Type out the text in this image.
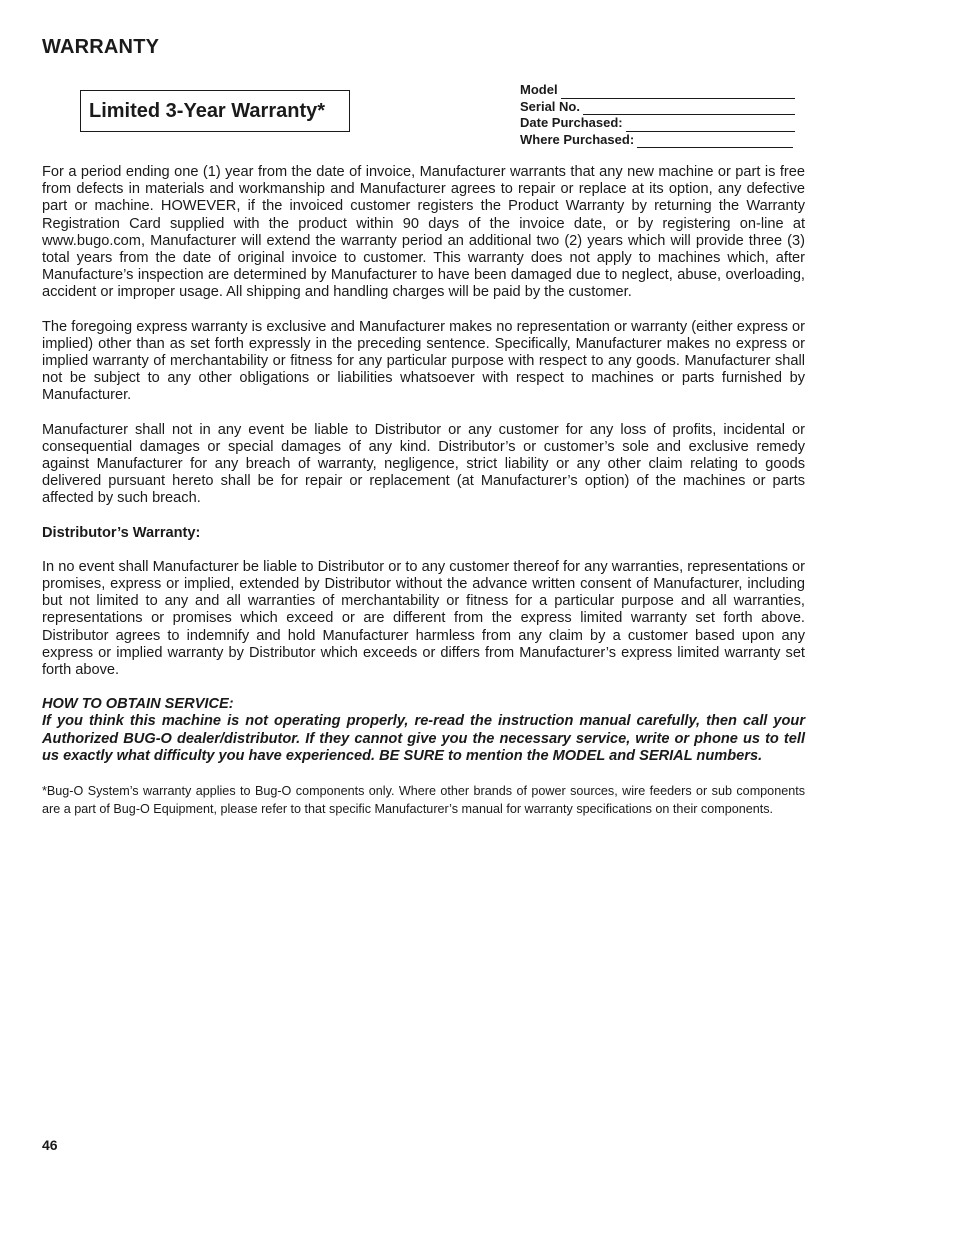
WARRANTY
Limited 3-Year Warranty*
Model
Serial No.
Date Purchased:
Where Purchased:

For a period ending one (1) year from the date of invoice, Manufacturer warrants that any new machine or part is free from defects in materials and workmanship and Manufacturer agrees to repair or replace at its option, any defective part or machine. HOWEVER, if the invoiced customer registers the Product Warranty by returning the Warranty Registration Card supplied with the product within 90 days of the invoice date, or by registering on-line at www.bugo.com, Manufacturer will extend the warranty period an additional two (2) years which will provide three (3) total years from the date of original invoice to customer. This warranty does not apply to machines which, after Manufacture’s inspection are determined by Manufacturer to have been damaged due to neglect, abuse, overloading, accident or improper usage. All shipping and handling charges will be paid by the customer.

The foregoing express warranty is exclusive and Manufacturer makes no representation or warranty (either express or implied) other than as set forth expressly in the preceding sentence. Specifically, Manufacturer makes no express or implied warranty of merchantability or fitness for any particular purpose with respect to any goods. Manufacturer shall not be subject to any other obligations or liabilities whatsoever with respect to machines or parts furnished by Manufacturer.

Manufacturer shall not in any event be liable to Distributor or any customer for any loss of profits, incidental or consequential damages or special damages of any kind. Distributor’s or customer’s sole and exclusive remedy against Manufacturer for any breach of warranty, negligence, strict liability or any other claim relating to goods delivered pursuant hereto shall be for repair or replacement (at Manufacturer’s option) of the machines or parts affected by such breach.

Distributor’s Warranty:

In no event shall Manufacturer be liable to Distributor or to any customer thereof for any warranties, representations or promises, express or implied, extended by Distributor without the advance written consent of Manufacturer, including but not limited to any and all warranties of merchantability or fitness for a particular purpose and all warranties, representations or promises which exceed or are different from the express limited warranty set forth above. Distributor agrees to indemnify and hold Manufacturer harmless from any claim by a customer based upon any express or implied warranty by Distributor which exceeds or differs from Manufacturer’s express limited warranty set forth above.

HOW TO OBTAIN SERVICE:

If you think this machine is not operating properly, re-read the instruction manual carefully, then call your Authorized BUG-O dealer/distributor. If they cannot give you the necessary service, write or phone us to tell us exactly what difficulty you have experienced. BE SURE to mention the MODEL and SERIAL numbers.

*Bug-O System’s warranty applies to Bug-O components only. Where other brands of power sources, wire feeders or sub components are a part of Bug-O Equipment, please refer to that specific Manufacturer’s manual for warranty specifications on their components.
46
